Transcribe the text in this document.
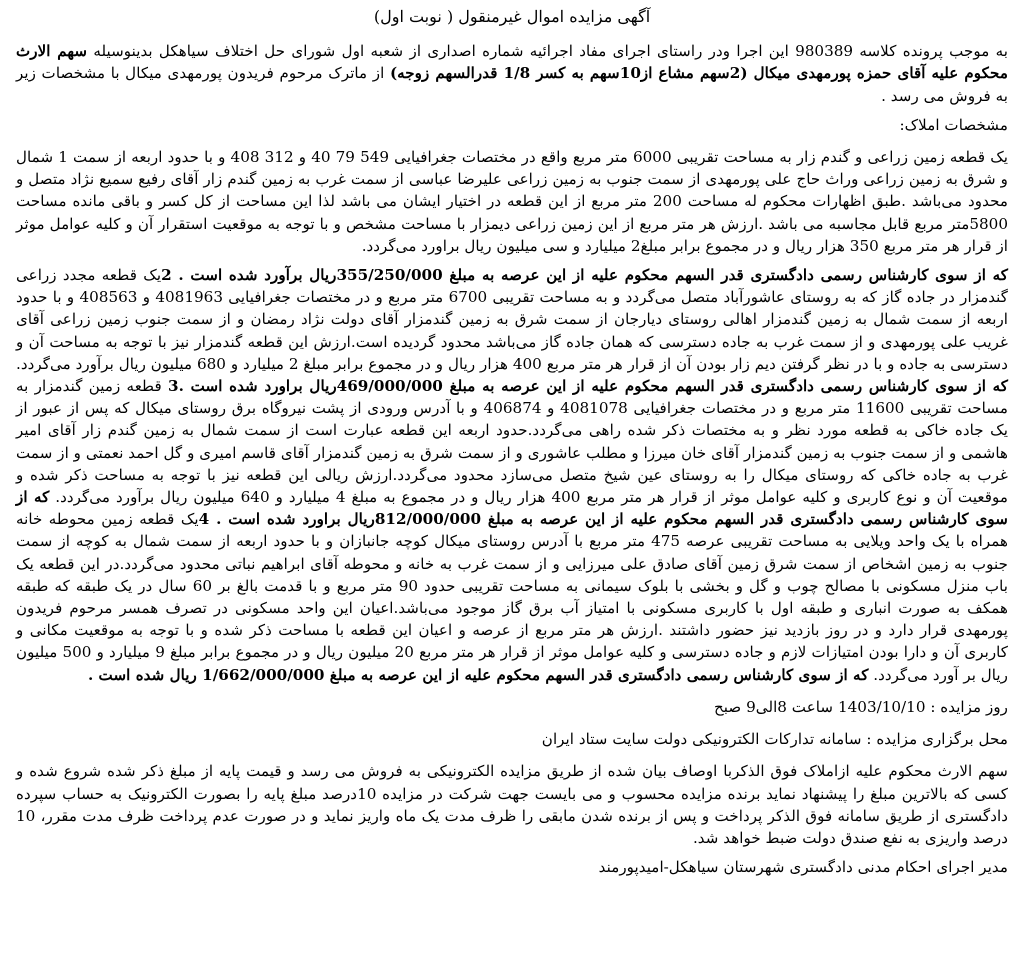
آگهی مزایده اموال غیرمنقول ( نوبت اول)

به موجب پرونده کلاسه 980389 این اجرا ودر راستای اجرای مفاد اجرائیه شماره اصداری از شعبه اول شورای حل اختلاف سیاهکل بدینوسیله سهم الارث محکوم علیه آقای حمزه پورمهدی میکال (2سهم مشاع از10سهم به کسر 1/8 قدرالسهم زوجه) از ماترک مرحوم فریدون پورمهدی میکال با مشخصات زیر به فروش می رسد .

مشخصات املاک:

یک قطعه زمین زراعی و گندم زار به مساحت تقریبی 6000 متر مربع واقع در مختصات جغرافیایی 549 79 40 و 312 408 و با حدود اربعه از سمت 1 شمال و شرق به زمین زراعی وراث حاج علی پورمهدی از سمت جنوب به زمین زراعی علیرضا عباسی از سمت غرب به زمین گندم زار آقای رفیع سمیع نژاد متصل و محدود می‌باشد .طبق اظهارات محکوم له مساحت 200 متر مربع از این قطعه در اختیار ایشان می باشد لذا این مساحت از کل کسر و باقی مانده مساحت 5800متر مربع قابل مجاسبه می باشد .ارزش هر متر مربع از این زمین زراعی دیمزار با مساحت مشخص و با توجه به موقعیت استقرار آن و کلیه عوامل موثر از قرار هر متر مربع 350 هزار ریال و در مجموع برابر مبلغ2 میلیارد و سی میلیون ریال براورد می‌گردد.

که از سوی کارشناس رسمی دادگستری قدر السهم محکوم علیه از این عرصه به مبلغ 355/250/000ریال برآورد شده است . 2یک قطعه مجدد زراعی گندمزار در جاده گاز که به روستای عاشورآباد متصل می‌گردد و به مساحت تقریبی 6700 متر مربع و در مختصات جغرافیایی 4081963 و 408563 و با حدود اربعه از سمت شمال به زمین گندمزار اهالی روستای دیارجان از سمت شرق به زمین گندمزار آقای دولت نژاد رمضان و از سمت جنوب زمین زراعی آقای غریب علی پورمهدی و از سمت غرب به جاده دسترسی که همان جاده گاز می‌باشد محدود گردیده است.ارزش این قطعه گندمزار نیز با توجه به مساحت آن و دسترسی به جاده و با در نظر گرفتن دیم زار بودن آن از قرار هر متر مربع 400 هزار ریال و در مجموع برابر مبلغ 2 میلیارد و 680 میلیون ریال برآورد می‌گردد. که از سوی کارشناس رسمی دادگستری قدر السهم محکوم علیه از این عرصه به مبلغ 469/000/000ریال براورد شده است .3 قطعه زمین گندمزار به مساحت تقریبی 11600 متر مربع و در مختصات جغرافیایی 4081078 و 406874 و با آدرس ورودی از پشت نیروگاه برق روستای میکال که پس از عبور از یک جاده خاکی به قطعه مورد نظر و به مختصات ذکر شده راهی می‌گردد.حدود اربعه این قطعه عبارت است از سمت شمال به زمین گندم زار آقای امیر هاشمی و از سمت جنوب به زمین گندمزار آقای خان میرزا و مطلب عاشوری و از سمت شرق به زمین گندمزار آقای قاسم امیری و گل احمد نعمتی و از سمت غرب به جاده خاکی که روستای میکال را به روستای عین شیخ متصل می‌سازد محدود می‌گردد.ارزش ریالی این قطعه نیز با توجه به مساحت ذکر شده و موقعیت آن و نوع کاربری و کلیه عوامل موثر از قرار هر متر مربع 400 هزار ریال و در مجموع به مبلغ 4 میلیارد و 640 میلیون ریال برآورد می‌گردد. که از سوی کارشناس رسمی دادگستری قدر السهم محکوم علیه از این عرصه به مبلغ 812/000/000ریال براورد شده است . 4یک قطعه زمین محوطه خانه همراه با یک واحد ویلایی به مساحت تقریبی عرصه 475 متر مربع با آدرس روستای میکال کوچه جانبازان و با حدود اربعه از سمت شمال به کوچه از سمت جنوب به زمین اشخاص از سمت شرق زمین آقای صادق علی میرزایی و از سمت غرب به خانه و محوطه آقای ابراهیم نباتی محدود می‌گردد.در این قطعه یک باب منزل مسکونی با مصالح چوب و گل و بخشی با بلوک سیمانی به مساحت تقریبی حدود 90 متر مربع و با قدمت بالغ بر 60 سال در یک طبقه که طبقه همکف به صورت انباری و طبقه اول با کاربری مسکونی با امتیاز آب برق گاز موجود می‌باشد.اعیان این واحد مسکونی در تصرف همسر مرحوم فریدون پورمهدی قرار دارد و در روز بازدید نیز حضور داشتند .ارزش هر متر مربع از عرصه و اعیان این قطعه با مساحت ذکر شده و با توجه به موقعیت مکانی و کاربری آن و دارا بودن امتیازات لازم و جاده دسترسی و کلیه عوامل موثر از قرار هر متر مربع 20 میلیون ریال و در مجموع برابر مبلغ 9 میلیارد و 500 میلیون ریال بر آورد می‌گردد. که از سوی کارشناس رسمی دادگستری قدر السهم محکوم علیه از این عرصه به مبلغ 1/662/000/000 ریال شده است .

روز مزایده : 1403/10/10 ساعت 8الی9 صبح

محل برگزاری مزایده : سامانه تدارکات الکترونیکی دولت سایت ستاد ایران

سهم الارث محکوم علیه ازاملاک فوق الذکربا اوصاف بیان شده از طریق مزایده الکترونیکی به فروش می رسد و قیمت پایه از مبلغ ذکر شده شروع شده و کسی که بالاترین مبلغ را پیشنهاد نماید برنده مزایده محسوب و می بایست جهت شرکت در مزایده 10درصد مبلغ پایه را بصورت الکترونیک به حساب سپرده دادگستری از طریق سامانه فوق الذکر پرداخت و پس از برنده شدن مابقی را ظرف مدت یک ماه واریز نماید و در صورت عدم پرداخت ظرف مدت مقرر، 10 درصد واریزی به نفع صندق دولت ضبط خواهد شد.

مدیر اجرای احکام مدنی دادگستری شهرستان سیاهکل-امیدپورمند
